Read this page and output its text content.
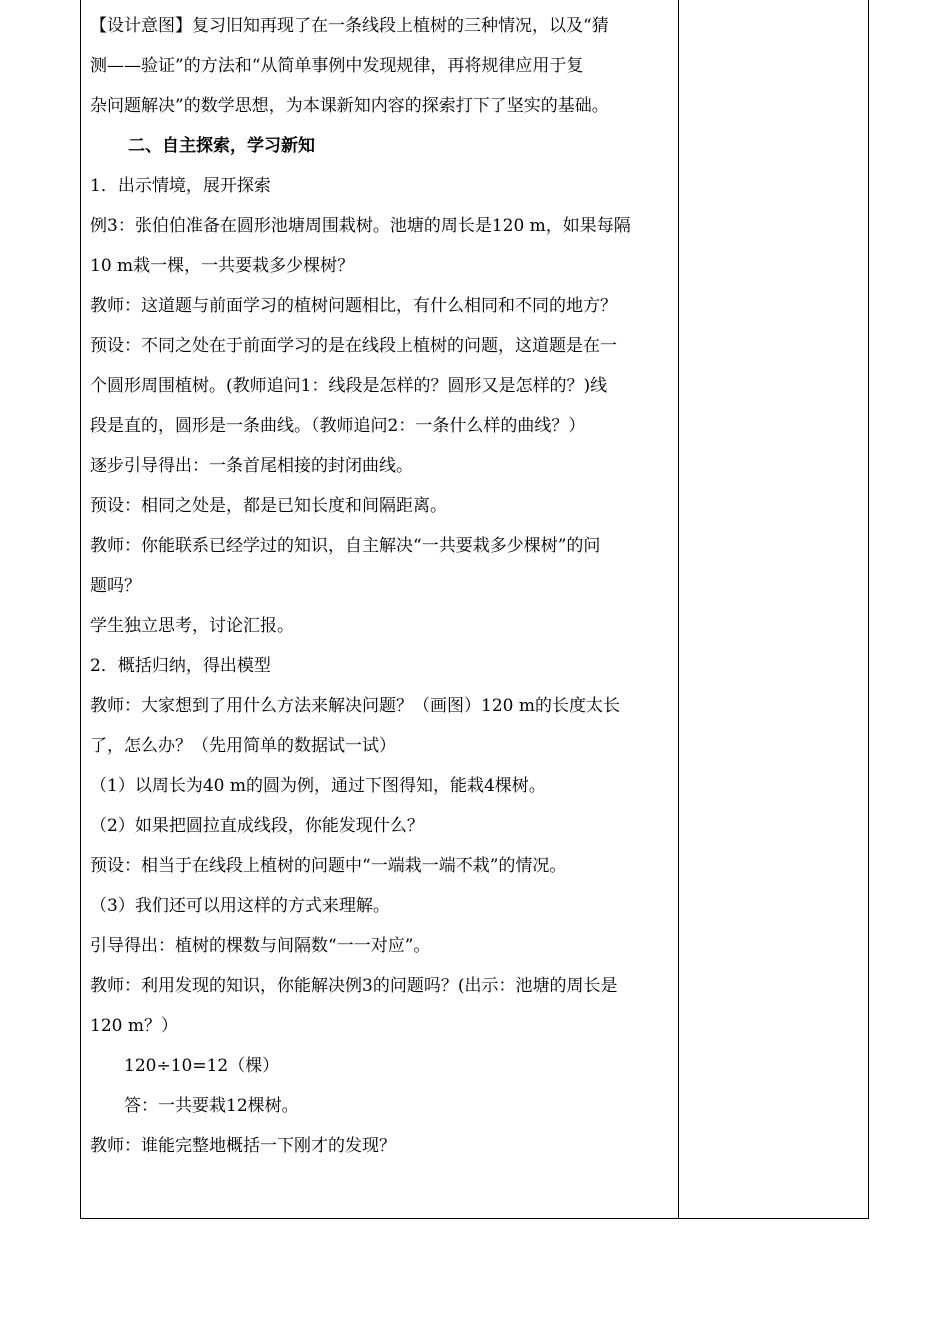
【设计意图】复习旧知再现了在一条线段上植树的三种情况，以及“猜
测——验证”的方法和“从简单事例中发现规律，再将规律应用于复
杂问题解决”的数学思想，为本课新知内容的探索打下了坚实的基础。
二、自主探索，学习新知
1．出示情境，展开探索
例3：张伯伯准备在圆形池塘周围栽树。池塘的周长是120 m，如果每隔
10 m栽一棵，一共要栽多少棵树？
教师：这道题与前面学习的植树问题相比，有什么相同和不同的地方？
预设：不同之处在于前面学习的是在线段上植树的问题，这道题是在一
个圆形周围植树。(教师追问1：线段是怎样的？圆形又是怎样的？)线
段是直的，圆形是一条曲线。（教师追问2：一条什么样的曲线？）
逐步引导得出：一条首尾相接的封闭曲线。
预设：相同之处是，都是已知长度和间隔距离。
教师：你能联系已经学过的知识，自主解决“一共要栽多少棵树”的问
题吗？
学生独立思考，讨论汇报。
2．概括归纳，得出模型
教师：大家想到了用什么方法来解决问题？（画图）120 m的长度太长
了，怎么办？（先用简单的数据试一试）
（1）以周长为40 m的圆为例，通过下图得知，能栽4棵树。
（2）如果把圆拉直成线段，你能发现什么？
预设：相当于在线段上植树的问题中“一端栽一端不栽”的情况。
（3）我们还可以用这样的方式来理解。
引导得出：植树的棵数与间隔数“一一对应”。
教师：利用发现的知识，你能解决例3的问题吗？(出示：池塘的周长是
120 m？）
120÷10=12（棵）
答：一共要栽12棵树。
教师：谁能完整地概括一下刚才的发现？
